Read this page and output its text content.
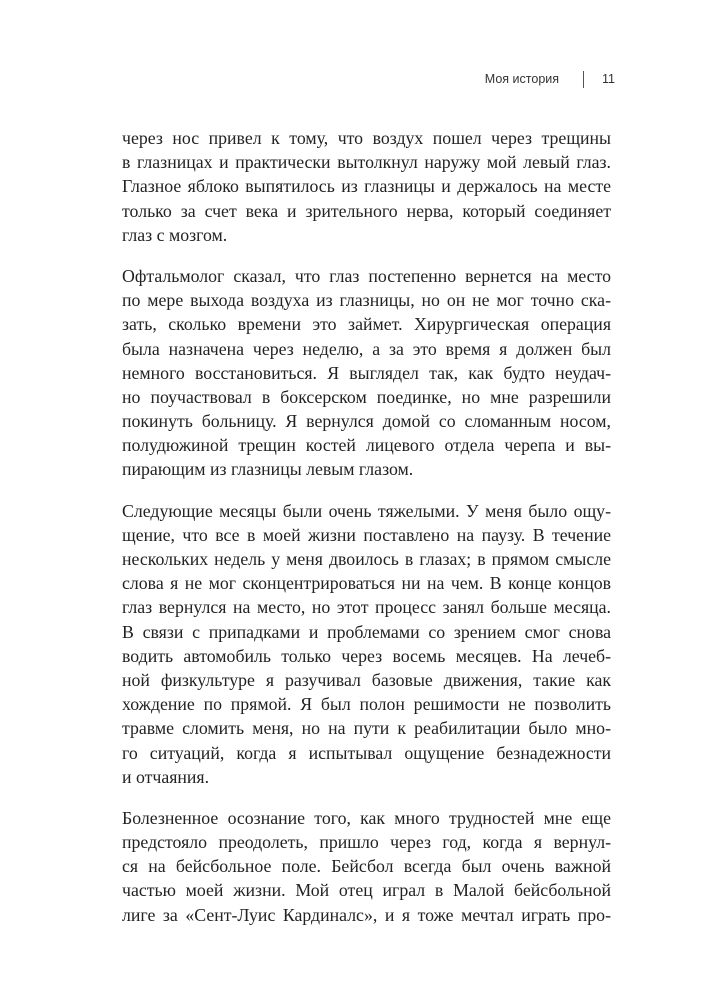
Моя история	11
через нос привел к тому, что воздух пошел через трещины
в глазницах и практически вытолкнул наружу мой левый глаз.
Глазное яблоко выпятилось из глазницы и держалось на месте
только за счет века и зрительного нерва, который соединяет
глаз с мозгом.
Офтальмолог сказал, что глаз постепенно вернется на место
по мере выхода воздуха из глазницы, но он не мог точно ска-
зать, сколько времени это займет. Хирургическая операция
была назначена через неделю, а за это время я должен был
немного восстановиться. Я выглядел так, как будто неудач-
но поучаствовал в боксерском поединке, но мне разрешили
покинуть больницу. Я вернулся домой со сломанным носом,
полудюжиной трещин костей лицевого отдела черепа и вы-
пирающим из глазницы левым глазом.
Следующие месяцы были очень тяжелыми. У меня было ощу-
щение, что все в моей жизни поставлено на паузу. В течение
нескольких недель у меня двоилось в глазах; в прямом смысле
слова я не мог сконцентрироваться ни на чем. В конце концов
глаз вернулся на место, но этот процесс занял больше месяца.
В связи с припадками и проблемами со зрением смог снова
водить автомобиль только через восемь месяцев. На лечеб-
ной физкультуре я разучивал базовые движения, такие как
хождение по прямой. Я был полон решимости не позволить
травме сломить меня, но на пути к реабилитации было мно-
го ситуаций, когда я испытывал ощущение безнадежности
и отчаяния.
Болезненное осознание того, как много трудностей мне еще
предстояло преодолеть, пришло через год, когда я вернул-
ся на бейсбольное поле. Бейсбол всегда был очень важной
частью моей жизни. Мой отец играл в Малой бейсбольной
лиге за «Сент-Луис Кардиналс», и я тоже мечтал играть про-
